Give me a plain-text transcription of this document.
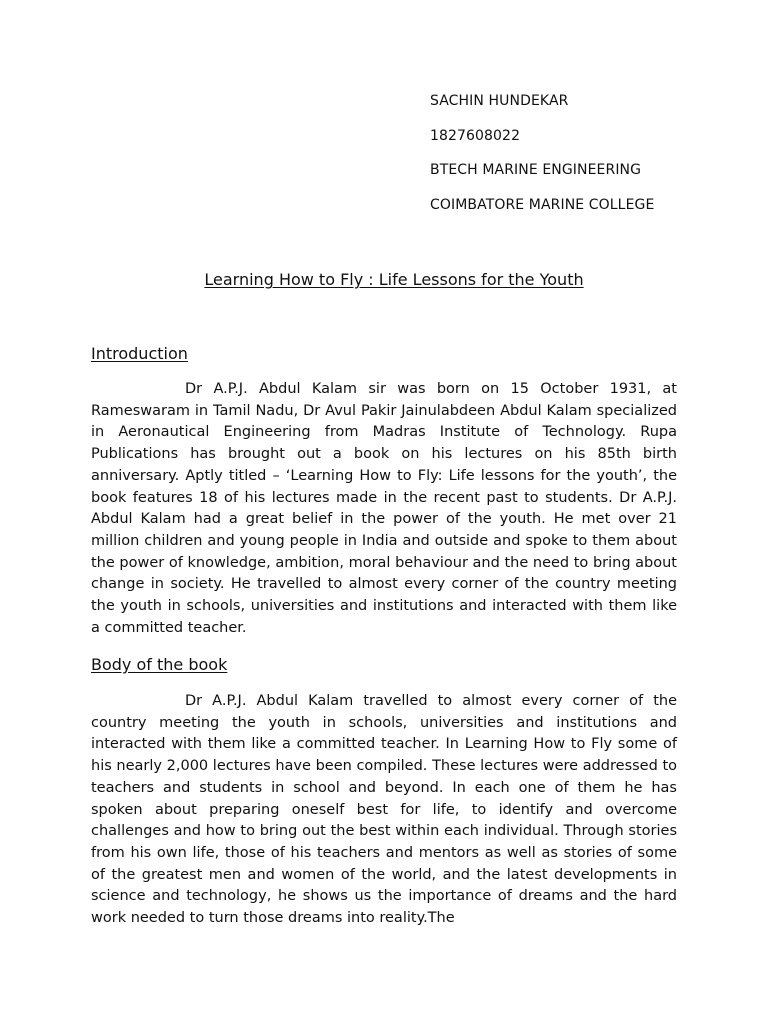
SACHIN HUNDEKAR
1827608022
BTECH MARINE ENGINEERING
COIMBATORE MARINE COLLEGE
Learning How to Fly : Life Lessons for the Youth
Introduction

Dr A.P.J. Abdul Kalam sir was born on 15 October 1931, at Rameswaram in Tamil Nadu, Dr Avul Pakir Jainulabdeen Abdul Kalam specialized in Aeronautical Engineering from Madras Institute of Technology. Rupa Publications has brought out a book on his lectures on his 85th birth anniversary. Aptly titled – ‘Learning How to Fly: Life lessons for the youth’, the book features 18 of his lectures made in the recent past to students. Dr A.P.J. Abdul Kalam had a great belief in the power of the youth. He met over 21 million children and young people in India and outside and spoke to them about the power of knowledge, ambition, moral behaviour and the need to bring about change in society. He travelled to almost every corner of the country meeting the youth in schools, universities and institutions and interacted with them like a committed teacher.

Body of the book

Dr A.P.J. Abdul Kalam travelled to almost every corner of the country meeting the youth in schools, universities and institutions and interacted with them like a committed teacher. In Learning How to Fly some of his nearly 2,000 lectures have been compiled. These lectures were addressed to teachers and students in school and beyond. In each one of them he has spoken about preparing oneself best for life, to identify and overcome challenges and how to bring out the best within each individual. Through stories from his own life, those of his teachers and mentors as well as stories of some of the greatest men and women of the world, and the latest developments in science and technology, he shows us the importance of dreams and the hard work needed to turn those dreams into reality.The
